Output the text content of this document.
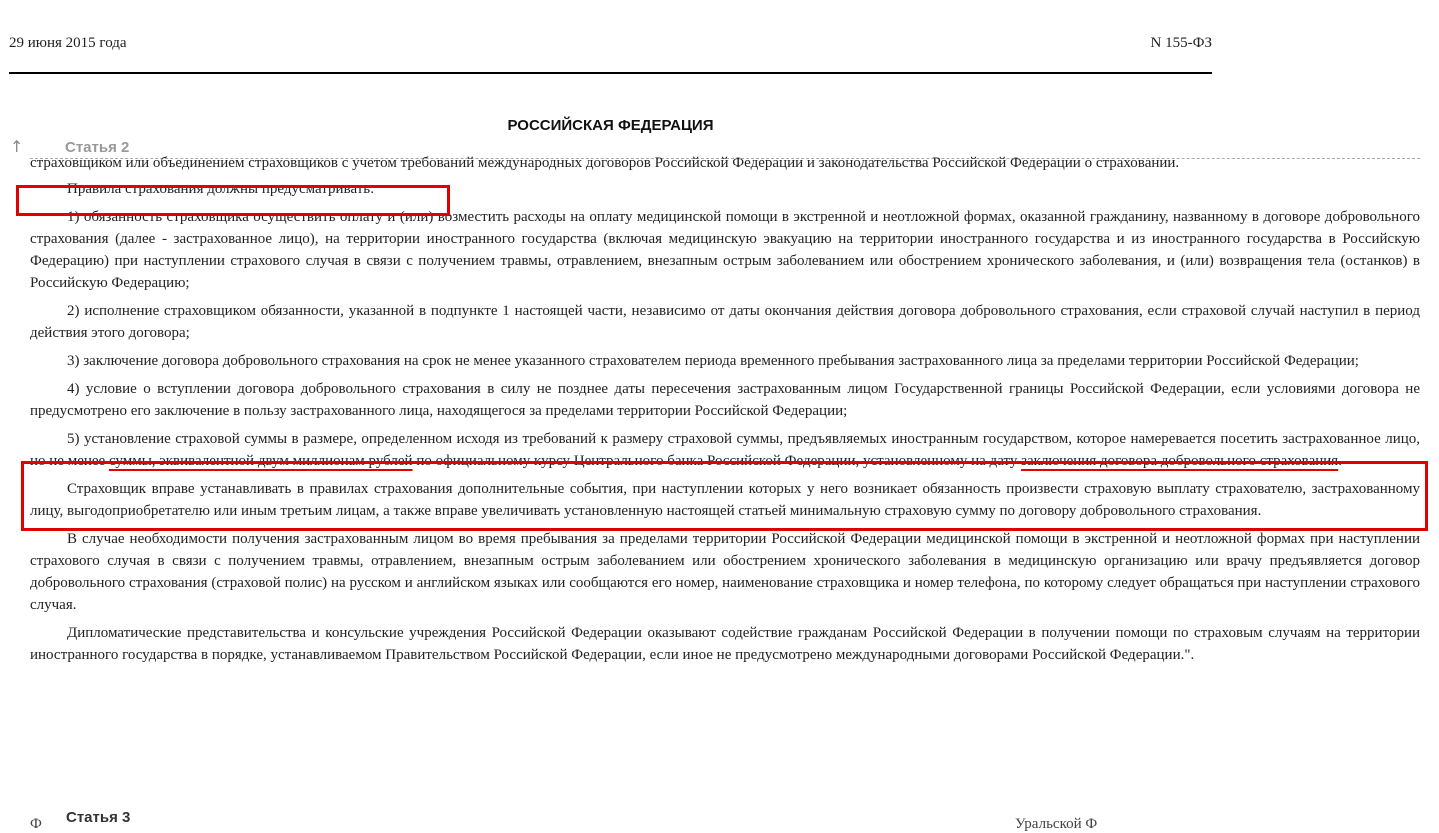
29 июня 2015 года	N 155-ФЗ
РОССИЙСКАЯ ФЕДЕРАЦИЯ
↑	Статья 2

страховщиком или объединением страховщиков с учетом требований международных договоров Российской Федерации и законодательства Российской Федерации о страховании.

Правила страхования должны предусматривать:

1) обязанность страховщика осуществить оплату и (или) возместить расходы на оплату медицинской помощи в экстренной и неотложной формах, оказанной гражданину, названному в договоре добровольного страхования (далее - застрахованное лицо), на территории иностранного государства (включая медицинскую эвакуацию на территории иностранного государства и из иностранного государства в Российскую Федерацию) при наступлении страхового случая в связи с получением травмы, отравлением, внезапным острым заболеванием или обострением хронического заболевания, и (или) возвращения тела (останков) в Российскую Федерацию;

2) исполнение страховщиком обязанности, указанной в подпункте 1 настоящей части, независимо от даты окончания действия договора добровольного страхования, если страховой случай наступил в период действия этого договора;

3) заключение договора добровольного страхования на срок не менее указанного страхователем периода временного пребывания застрахованного лица за пределами территории Российской Федерации;

4) условие о вступлении договора добровольного страхования в силу не позднее даты пересечения застрахованным лицом Государственной границы Российской Федерации, если условиями договора не предусмотрено его заключение в пользу застрахованного лица, находящегося за пределами территории Российской Федерации;

5) установление страховой суммы в размере, определенном исходя из требований к размеру страховой суммы, предъявляемых иностранным государством, которое намеревается посетить застрахованное лицо, но не менее суммы, эквивалентной двум миллионам рублей по официальному курсу Центрального банка Российской Федерации, установленному на дату заключения договора добровольного страхования.

Страховщик вправе устанавливать в правилах страхования дополнительные события, при наступлении которых у него возникает обязанность произвести страховую выплату страхователю, застрахованному лицу, выгодоприобретателю или иным третьим лицам, а также вправе увеличивать установленную настоящей статьей минимальную страховую сумму по договору добровольного страхования.

В случае необходимости получения застрахованным лицом во время пребывания за пределами территории Российской Федерации медицинской помощи в экстренной и неотложной формах при наступлении страхового случая в связи с получением травмы, отравлением, внезапным острым заболеванием или обострением хронического заболевания в медицинскую организацию или врачу предъявляется договор добровольного страхования (страховой полис) на русском и английском языках или сообщаются его номер, наименование страховщика и номер телефона, по которому следует обращаться при наступлении страхового случая.

Дипломатические представительства и консульские учреждения Российской Федерации оказывают содействие гражданам Российской Федерации в получении помощи по страховым случаям на территории иностранного государства в порядке, устанавливаемом Правительством Российской Федерации, если иное не предусмотрено международными договорами Российской Федерации.".

Ф Статья 3	Уральской Ф
